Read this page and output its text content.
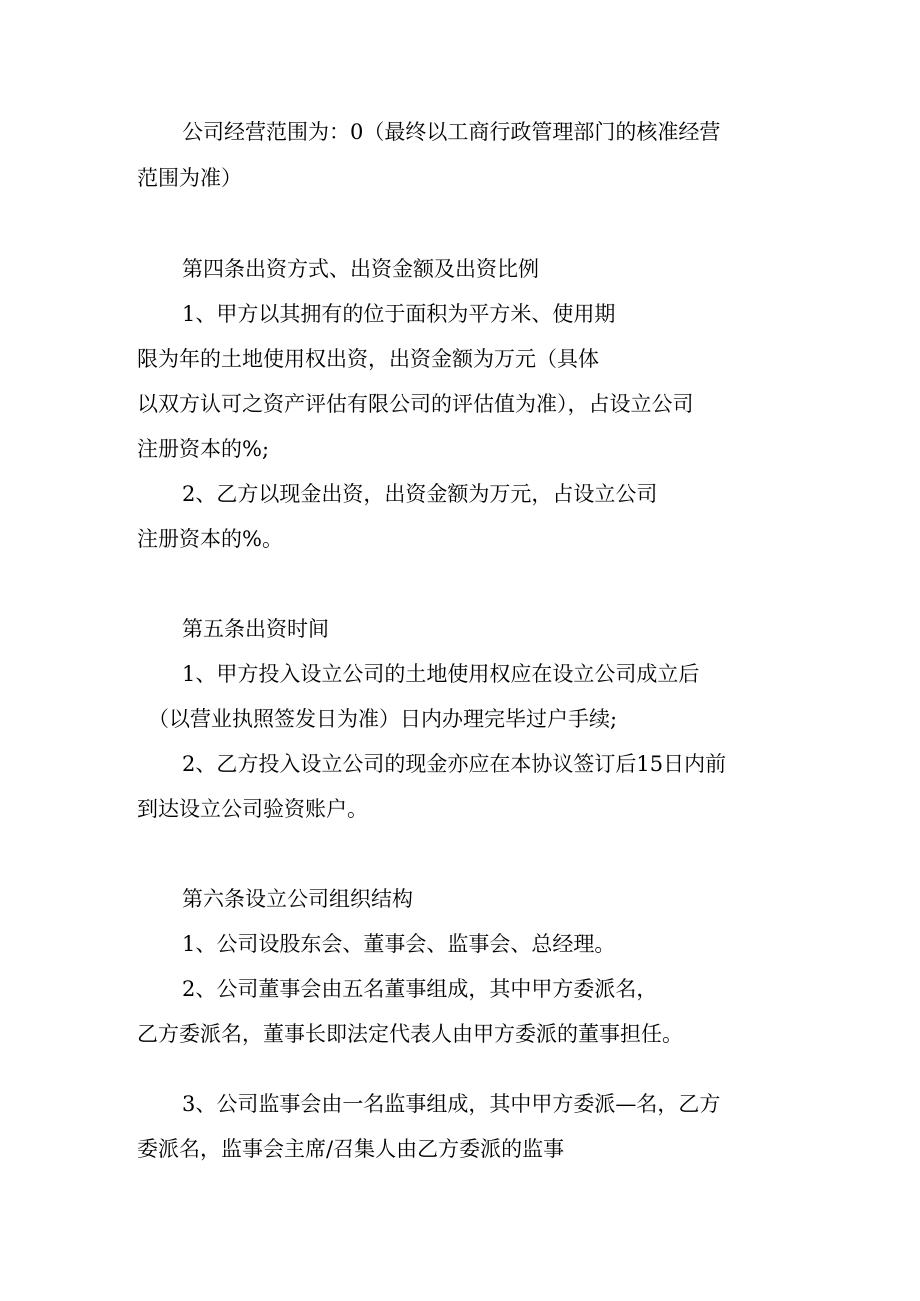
公司经营范围为：0（最终以工商行政管理部门的核准经营
范围为准）
第四条出资方式、出资金额及出资比例
1、甲方以其拥有的位于面积为平方米、使用期
限为年的土地使用权出资，出资金额为万元（具体
以双方认可之资产评估有限公司的评估值为准），占设立公司
注册资本的%;
2、乙方以现金出资，出资金额为万元，占设立公司
注册资本的%。
第五条出资时间
1、甲方投入设立公司的土地使用权应在设立公司成立后
（以营业执照签发日为准）日内办理完毕过户手续;
2、乙方投入设立公司的现金亦应在本协议签订后15日内前
到达设立公司验资账户。
第六条设立公司组织结构
1、公司设股东会、董事会、监事会、总经理。
2、公司董事会由五名董事组成，其中甲方委派名，
乙方委派名，董事长即法定代表人由甲方委派的董事担任。
3、公司监事会由一名监事组成，其中甲方委派—名，乙方
委派名，监事会主席/召集人由乙方委派的监事
